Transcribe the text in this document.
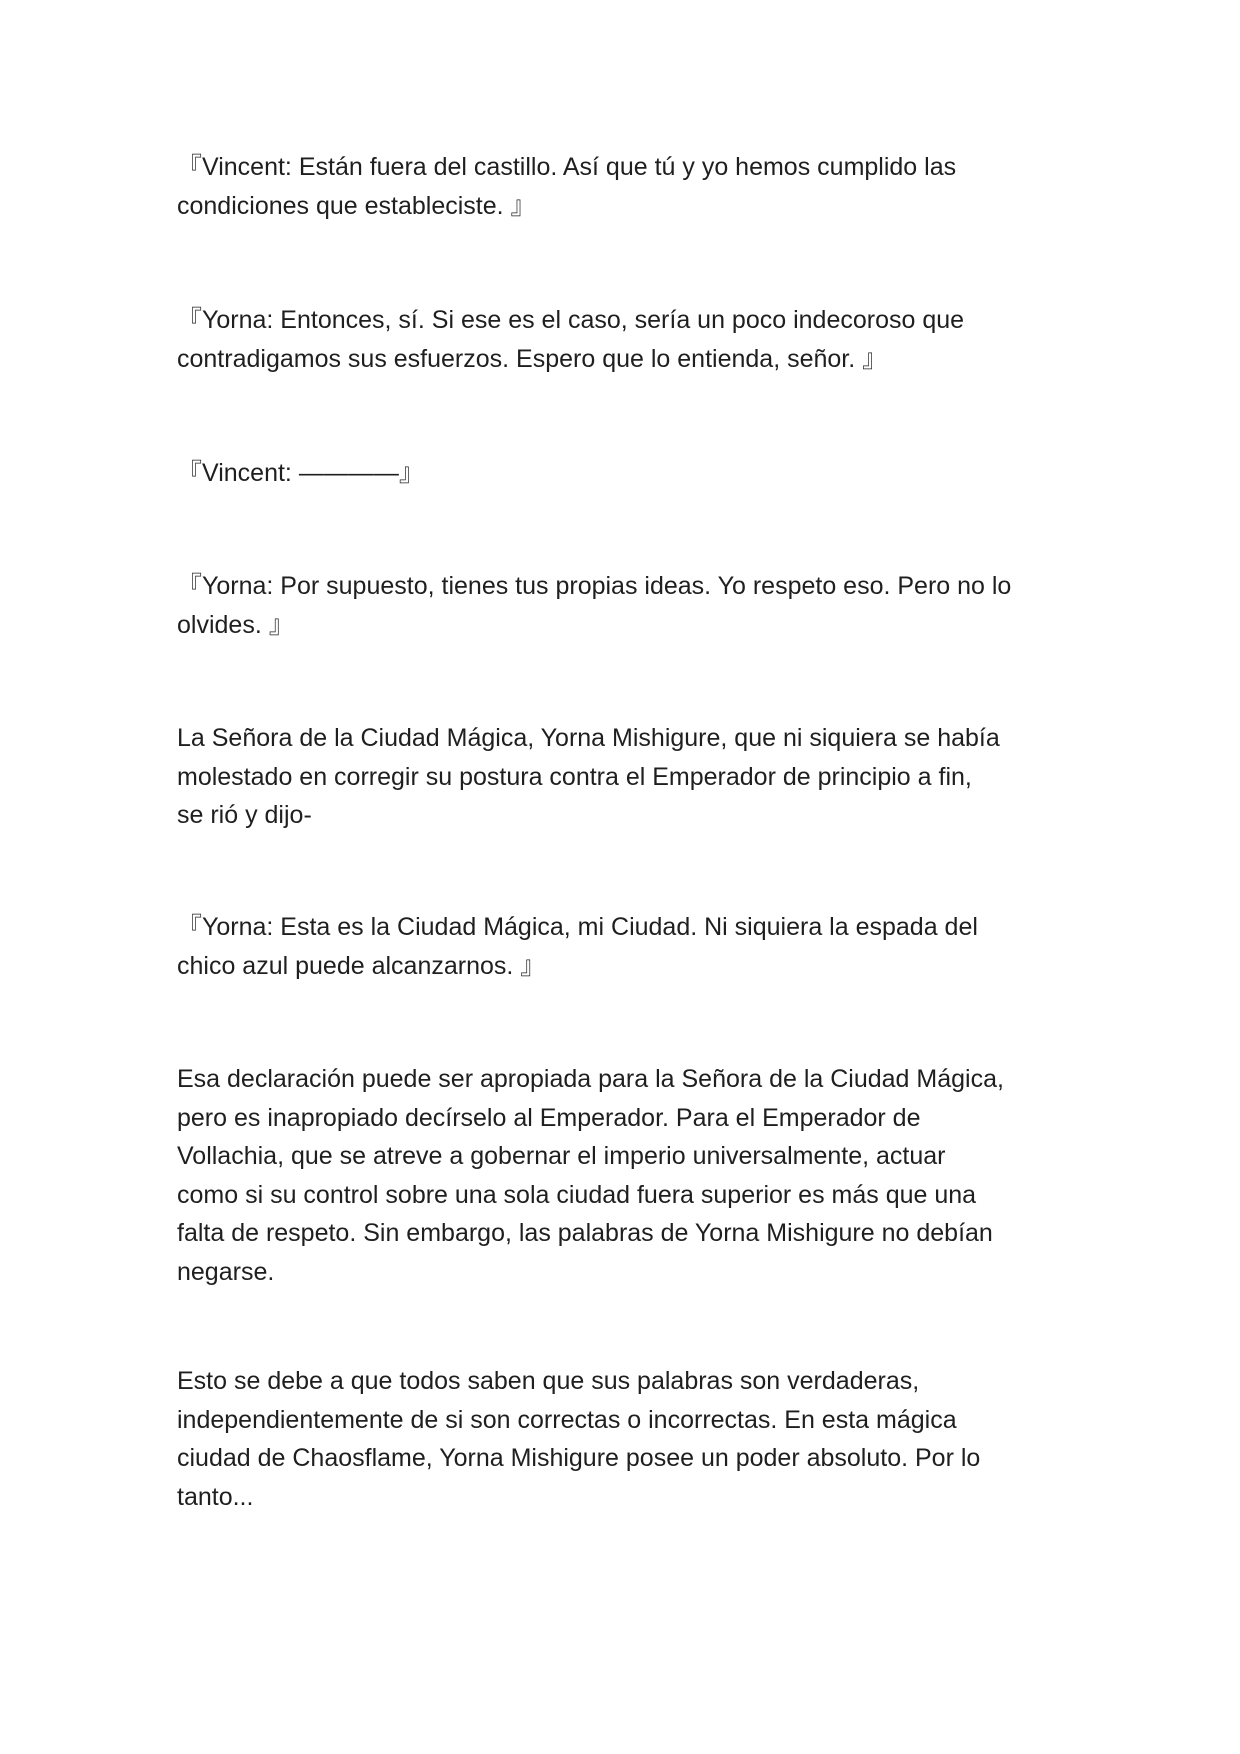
『Vincent: Están fuera del castillo. Así que tú y yo hemos cumplido las
condiciones que estableciste. 』

『Yorna: Entonces, sí. Si ese es el caso, sería un poco indecoroso que
contradigamos sus esfuerzos. Espero que lo entienda, señor. 』

『Vincent: ————』

『Yorna: Por supuesto, tienes tus propias ideas. Yo respeto eso. Pero no lo
olvides. 』

La Señora de la Ciudad Mágica, Yorna Mishigure, que ni siquiera se había
molestado en corregir su postura contra el Emperador de principio a fin,
se rió y dijo-

『Yorna: Esta es la Ciudad Mágica, mi Ciudad. Ni siquiera la espada del
chico azul puede alcanzarnos. 』

Esa declaración puede ser apropiada para la Señora de la Ciudad Mágica,
pero es inapropiado decírselo al Emperador. Para el Emperador de
Vollachia, que se atreve a gobernar el imperio universalmente, actuar
como si su control sobre una sola ciudad fuera superior es más que una
falta de respeto. Sin embargo, las palabras de Yorna Mishigure no debían
negarse.

Esto se debe a que todos saben que sus palabras son verdaderas,
independientemente de si son correctas o incorrectas. En esta mágica
ciudad de Chaosflame, Yorna Mishigure posee un poder absoluto. Por lo
tanto...
